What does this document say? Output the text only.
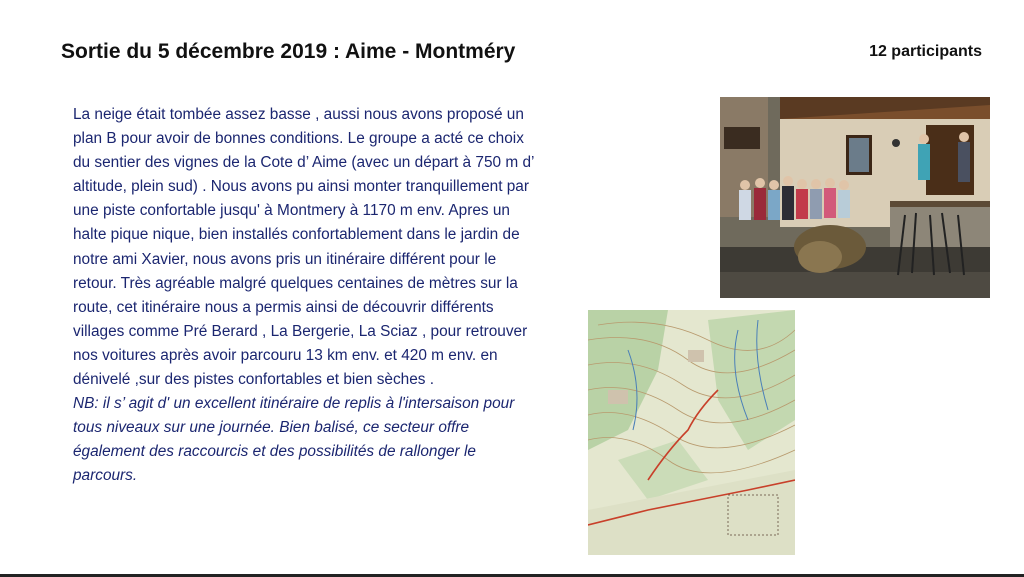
Sortie du 5 décembre 2019 : Aime - Montméry	12 participants

La neige était tombée assez basse , aussi nous avons proposé un plan B pour avoir de bonnes conditions. Le groupe a acté ce choix du sentier des vignes de la Cote d’ Aime (avec un départ à 750 m d’ altitude, plein sud) . Nous avons pu ainsi monter tranquillement par une piste confortable jusqu' à Montmery à 1170 m env. Apres un halte pique nique, bien installés confortablement dans le jardin de notre ami Xavier, nous avons pris un itinéraire différent pour le retour. Très agréable malgré quelques centaines de mètres sur la route, cet itinéraire nous a permis ainsi de découvrir différents villages comme Pré Berard , La Bergerie, La Sciaz , pour retrouver nos voitures après avoir parcouru 13 km env. et 420 m env. en dénivelé ,sur des pistes confortables et bien sèches .

NB: il s’ agit d' un excellent itinéraire de replis à l'intersaison pour tous niveaux sur une journée. Bien balisé, ce secteur offre également des raccourcis et des possibilités de rallonger le parcours.
